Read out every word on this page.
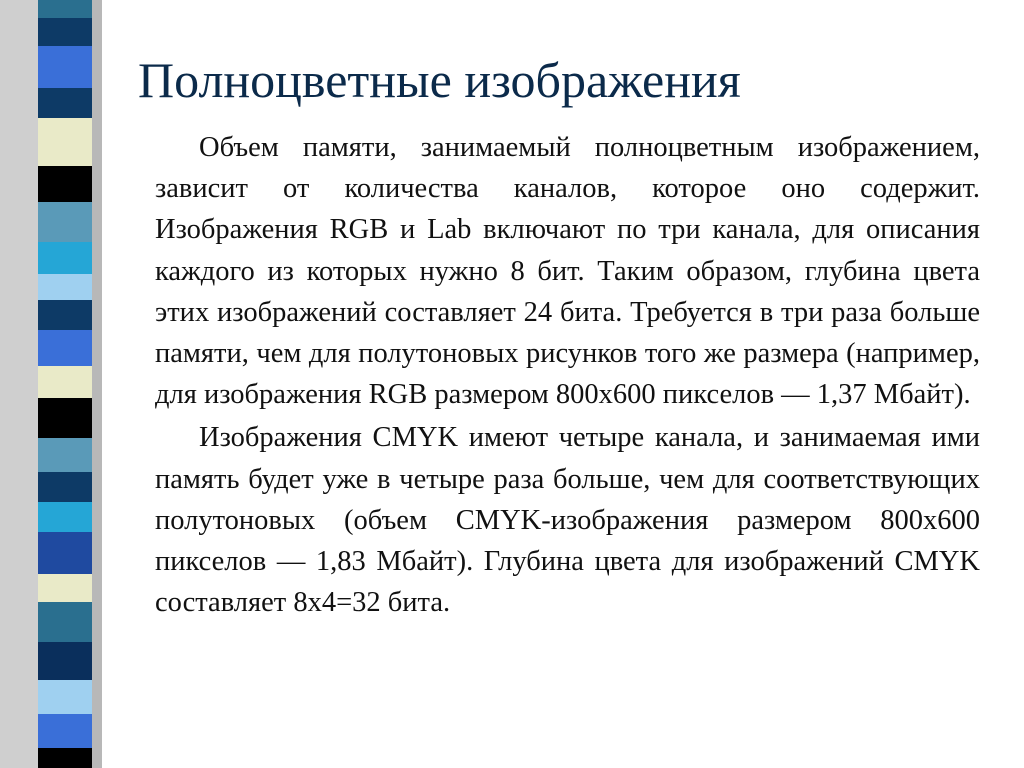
Полноцветные изображения

Объем памяти, занимаемый полноцветным изображением, зависит от количества каналов, которое оно содержит. Изображения RGB и Lab включают по три канала, для описания каждого из которых нужно 8 бит. Таким образом, глубина цвета этих изображений составляет 24 бита. Требуется в три раза больше памяти, чем для полутоновых рисунков того же размера (например, для изображения RGB размером 800x600 пикселов — 1,37 Мбайт).

Изображения CMYK имеют четыре канала, и занимаемая ими память будет уже в четыре раза больше, чем для соответствующих полутоновых (объем CMYK-изображения размером 800x600 пикселов — 1,83 Мбайт). Глубина цвета для изображений CMYK составляет 8x4=32 бита.
